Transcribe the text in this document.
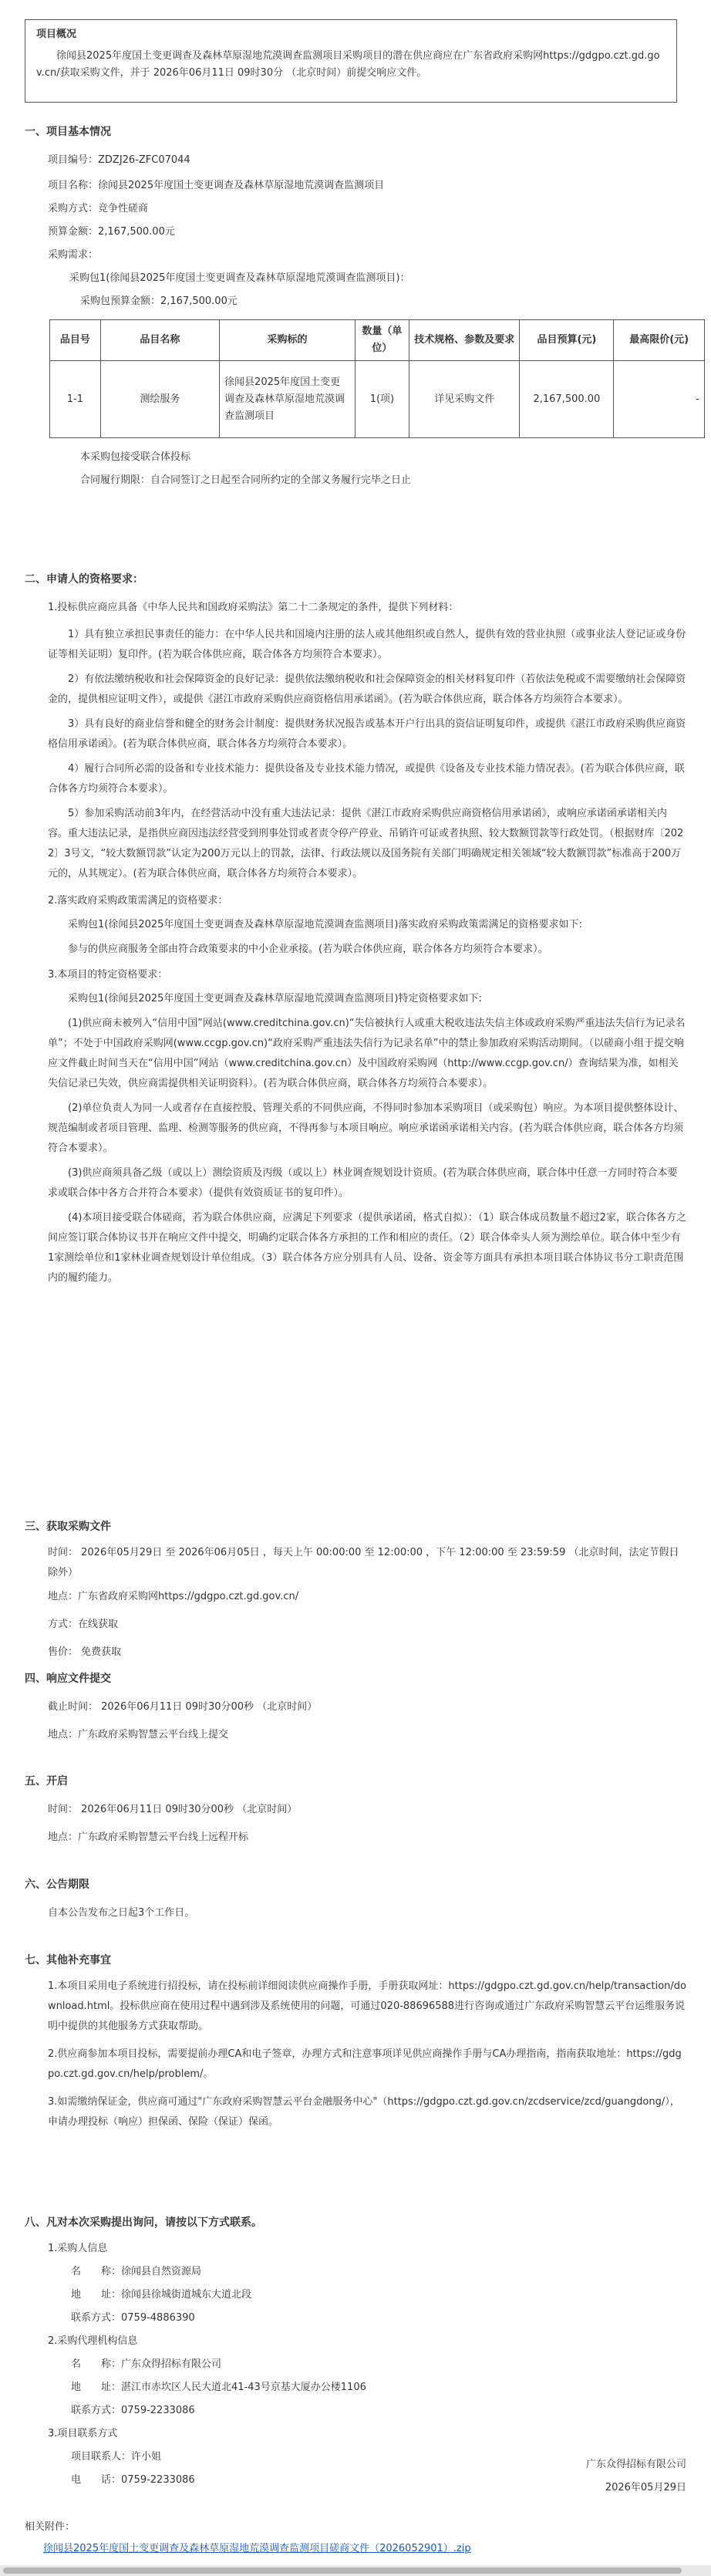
项目概况

徐闻县2025年度国土变更调查及森林草原湿地荒漠调查监测项目采购项目的潜在供应商应在广东省政府采购网https://gdgpo.czt.gd.gov.cn/获取采购文件，并于 2026年06月11日 09时30分 （北京时间）前提交响应文件。

一、项目基本情况

项目编号：ZDZJ26-ZFC07044

项目名称：徐闻县2025年度国土变更调查及森林草原湿地荒漠调查监测项目

采购方式：竞争性磋商

预算金额：2,167,500.00元

采购需求：

采购包1(徐闻县2025年度国土变更调查及森林草原湿地荒漠调查监测项目)：

采购包预算金额：2,167,500.00元

品目号	品目名称	采购标的	数量（单位）	技术规格、参数及要求	品目预算(元)	最高限价(元)
1-1	测绘服务	徐闻县2025年度国土变更调查及森林草原湿地荒漠调查监测项目	1(项)	详见采购文件	2,167,500.00	-

本采购包接受联合体投标

合同履行期限：自合同签订之日起至合同所约定的全部义务履行完毕之日止

二、申请人的资格要求：

1.投标供应商应具备《中华人民共和国政府采购法》第二十二条规定的条件，提供下列材料：

1）具有独立承担民事责任的能力：在中华人民共和国境内注册的法人或其他组织或自然人，提供有效的营业执照（或事业法人登记证或身份证等相关证明）复印件。(若为联合体供应商，联合体各方均须符合本要求）。

2）有依法缴纳税收和社会保障资金的良好记录：提供依法缴纳税收和社会保障资金的相关材料复印件（若依法免税或不需要缴纳社会保障资金的，提供相应证明文件），或提供《湛江市政府采购供应商资格信用承诺函》。(若为联合体供应商，联合体各方均须符合本要求）。

3）具有良好的商业信誉和健全的财务会计制度：提供财务状况报告或基本开户行出具的资信证明复印件，或提供《湛江市政府采购供应商资格信用承诺函》。(若为联合体供应商，联合体各方均须符合本要求）。

4）履行合同所必需的设备和专业技术能力：提供设备及专业技术能力情况，或提供《设备及专业技术能力情况表》。(若为联合体供应商，联合体各方均须符合本要求）。

5）参加采购活动前3年内，在经营活动中没有重大违法记录：提供《湛江市政府采购供应商资格信用承诺函》，或响应承诺函承诺相关内容。重大违法记录，是指供应商因违法经营受到刑事处罚或者责令停产停业、吊销许可证或者执照、较大数额罚款等行政处罚。（根据财库〔2022〕3号文，“较大数额罚款”认定为200万元以上的罚款，法律、行政法规以及国务院有关部门明确规定相关领域“较大数额罚款”标准高于200万元的，从其规定）。(若为联合体供应商，联合体各方均须符合本要求）。

2.落实政府采购政策需满足的资格要求：

采购包1(徐闻县2025年度国土变更调查及森林草原湿地荒漠调查监测项目)落实政府采购政策需满足的资格要求如下:

参与的供应商服务全部由符合政策要求的中小企业承接。(若为联合体供应商，联合体各方均须符合本要求）。

3.本项目的特定资格要求：

采购包1(徐闻县2025年度国土变更调查及森林草原湿地荒漠调查监测项目)特定资格要求如下:

(1)供应商未被列入“信用中国”网站(www.creditchina.gov.cn)“失信被执行人或重大税收违法失信主体或政府采购严重违法失信行为记录名单”；不处于中国政府采购网(www.ccgp.gov.cn)“政府采购严重违法失信行为记录名单”中的禁止参加政府采购活动期间。（以磋商小组于提交响应文件截止时间当天在“信用中国”网站（www.creditchina.gov.cn）及中国政府采购网（http://www.ccgp.gov.cn/）查询结果为准，如相关失信记录已失效，供应商需提供相关证明资料）。(若为联合体供应商，联合体各方均须符合本要求）。

(2)单位负责人为同一人或者存在直接控股、管理关系的不同供应商，不得同时参加本采购项目（或采购包）响应。为本项目提供整体设计、规范编制或者项目管理、监理、检测等服务的供应商，不得再参与本项目响应。响应承诺函承诺相关内容。(若为联合体供应商，联合体各方均须符合本要求）。

(3)供应商须具备乙级（或以上）测绘资质及丙级（或以上）林业调查规划设计资质。(若为联合体供应商，联合体中任意一方同时符合本要求或联合体中各方合并符合本要求）（提供有效资质证书的复印件）。

(4)本项目接受联合体磋商，若为联合体供应商，应满足下列要求（提供承诺函，格式自拟）：（1）联合体成员数量不超过2家，联合体各方之间应签订联合体协议书并在响应文件中提交，明确约定联合体各方承担的工作和相应的责任。（2）联合体牵头人须为测绘单位。联合体中至少有1家测绘单位和1家林业调查规划设计单位组成。（3）联合体各方应分别具有人员、设备、资金等方面具有承担本项目联合体协议书分工职责范围内的履约能力。

三、获取采购文件

时间： 2026年05月29日 至 2026年06月05日 ，每天上午 00:00:00 至 12:00:00 ，下午 12:00:00 至 23:59:59 （北京时间，法定节假日除外）

地点：广东省政府采购网https://gdgpo.czt.gd.gov.cn/

方式：在线获取

售价： 免费获取

四、响应文件提交

截止时间： 2026年06月11日 09时30分00秒 （北京时间）

地点：广东政府采购智慧云平台线上提交

五、开启

时间： 2026年06月11日 09时30分00秒 （北京时间）

地点：广东政府采购智慧云平台线上远程开标

六、公告期限

自本公告发布之日起3个工作日。

七、其他补充事宜

1.本项目采用电子系统进行招投标，请在投标前详细阅读供应商操作手册，手册获取网址：https://gdgpo.czt.gd.gov.cn/help/transaction/download.html。投标供应商在使用过程中遇到涉及系统使用的问题，可通过020-88696588进行咨询或通过广东政府采购智慧云平台运维服务说明中提供的其他服务方式获取帮助。

2.供应商参加本项目投标，需要提前办理CA和电子签章，办理方式和注意事项详见供应商操作手册与CA办理指南，指南获取地址：https://gdgpo.czt.gd.gov.cn/help/problem/。

3.如需缴纳保证金，供应商可通过"广东政府采购智慧云平台金融服务中心"（https://gdgpo.czt.gd.gov.cn/zcdservice/zcd/guangdong/），申请办理投标（响应）担保函、保险（保证）保函。

八、凡对本次采购提出询问，请按以下方式联系。

1.采购人信息

名　　称：徐闻县自然资源局

地　　址：徐闻县徐城街道城东大道北段

联系方式：0759-4886390

2.采购代理机构信息

名　　称：广东众得招标有限公司

地　　址：湛江市赤坎区人民大道北41-43号京基大厦办公楼1106

联系方式：0759-2233086

3.项目联系方式

项目联系人：许小姐

电　　话：0759-2233086

广东众得招标有限公司

2026年05月29日

相关附件：

徐闻县2025年度国土变更调查及森林草原湿地荒漠调查监测项目磋商文件（2026052901）.zip
